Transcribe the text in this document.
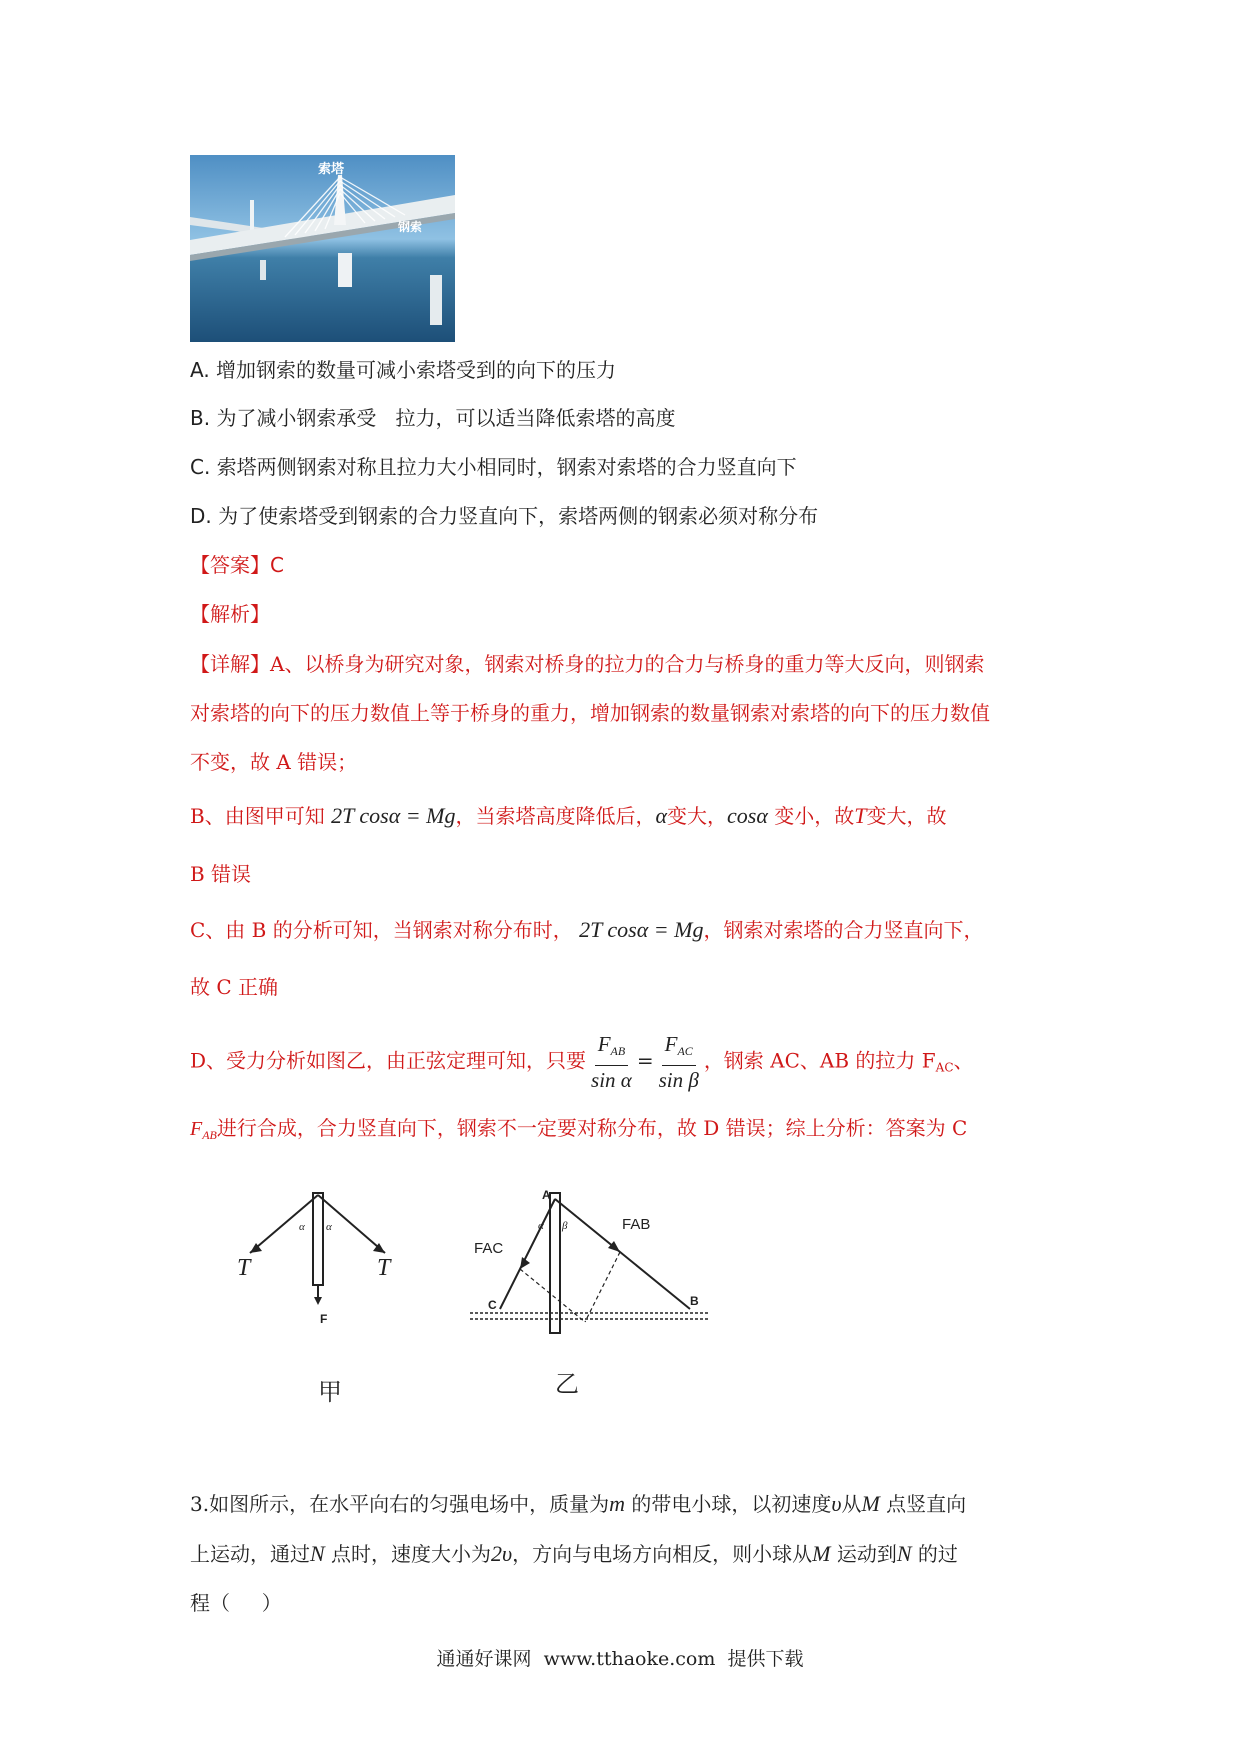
索塔
钢索
A. 增加钢索的数量可减小索塔受到的向下的压力
B. 为了减小钢索承受   拉力，可以适当降低索塔的高度
C. 索塔两侧钢索对称且拉力大小相同时，钢索对索塔的合力竖直向下
D. 为了使索塔受到钢索的合力竖直向下，索塔两侧的钢索必须对称分布
【答案】C
【解析】
【详解】A、以桥身为研究对象，钢索对桥身的拉力的合力与桥身的重力等大反向，则钢索
对索塔的向下的压力数值上等于桥身的重力，增加钢索的数量钢索对索塔的向下的压力数值
不变，故 A 错误；
B、由图甲可知 2T cosα = Mg，当索塔高度降低后，α变大，cosα 变小，故T变大，故
B 错误
C、由 B 的分析可知，当钢索对称分布时， 2T cosα = Mg，钢索对索塔的合力竖直向下，
故 C 正确
D、受力分析如图乙，由正弦定理可知，只要 $\frac{F_{AB}}{\text{sin α}} = \frac{F_{AC}}{\text{sin β}}$ ，钢索 AC、AB 的拉力 $F_{AC}$、
$F_{AB}$进行合成，合力竖直向下，钢索不一定要对称分布，故 D 错误；综上分析：答案为 C
α α
T	T
F
甲
A
B
C
α β
FAC
FAB
乙
3.如图所示，在水平向右的匀强电场中，质量为m 的带电小球，以初速度υ从M 点竖直向
上运动，通过N 点时，速度大小为2υ，方向与电场方向相反，则小球从M 运动到N 的过
程（     ）
通通好课网  www.tthaoke.com  提供下载
